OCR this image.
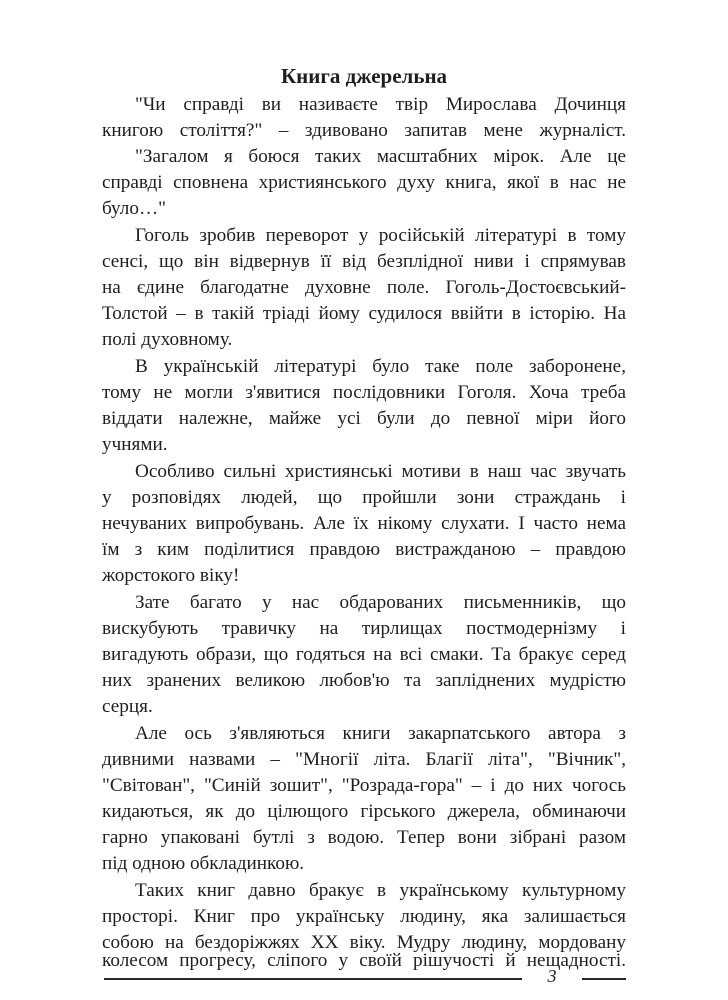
Книга джерельна
"Чи справді ви називаєте твір Мирослава Дочинця
книгою століття?" – здивовано запитав мене журналіст.
"Загалом я боюся таких масштабних мірок. Але це
справді сповнена християнського духу книга, якої в нас не
було…"
Гоголь зробив переворот у російській літературі в тому
сенсі, що він відвернув її від безплідної ниви і спрямував
на єдине благодатне духовне поле. Гоголь-Достоєвський-
Толстой – в такій тріаді йому судилося ввійти в історію. На
полі духовному.
В українській літературі було таке поле заборонене,
тому не могли з'явитися послідовники Гоголя. Хоча треба
віддати належне, майже усі були до певної міри його
учнями.
Особливо сильні християнські мотиви в наш час звучать
у розповідях людей, що пройшли зони страждань і
нечуваних випробувань. Але їх нікому слухати. І часто нема
їм з ким поділитися правдою вистражданою – правдою
жорстокого віку!
Зате багато у нас обдарованих письменників, що
вискубують травичку на тирлищах постмодернізму і
вигадують образи, що годяться на всі смаки. Та бракує серед
них зранених великою любов'ю та запліднених мудрістю
серця.
Але ось з'являються книги закарпатського автора з
дивними назвами – "Многії літа. Благії літа", "Вічник",
"Світован", "Синій зошит", "Розрада-гора" – і до них чогось
кидаються, як до цілющого гірського джерела, обминаючи
гарно упаковані бутлі з водою. Тепер вони зібрані разом
під одною обкладинкою.
Таких книг давно бракує в українському культурному
просторі. Книг про українську людину, яка залишається
собою на бездоріжжях ХХ віку. Мудру людину, мордовану
колесом прогресу, сліпого у своїй рішучості й нещадності.
3
